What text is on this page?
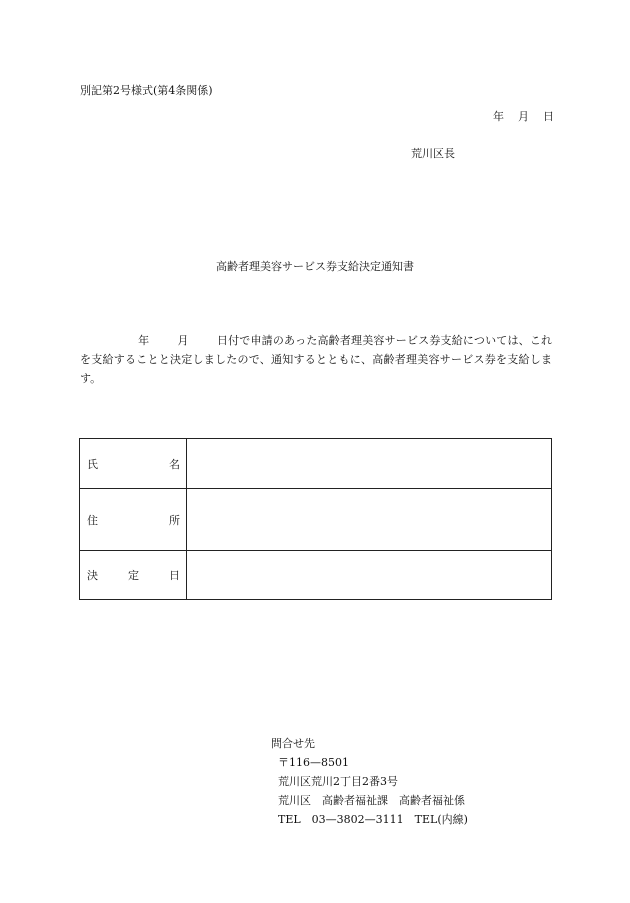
別記第2号様式(第4条関係)
年 月 日
荒川区長
高齢者理美容サービス券支給決定通知書
年	月	日付で申請のあった高齢者理美容サービス券支給については、これを支給することと決定しましたので、通知するとともに、高齢者理美容サービス券を支給します。
氏 名	

住 所	

決 定 日	

問合せ先
〒116—8501
荒川区荒川2丁目2番3号
荒川区　高齢者福祉課　高齢者福祉係
TEL　03—3802—3111　TEL(内線)
